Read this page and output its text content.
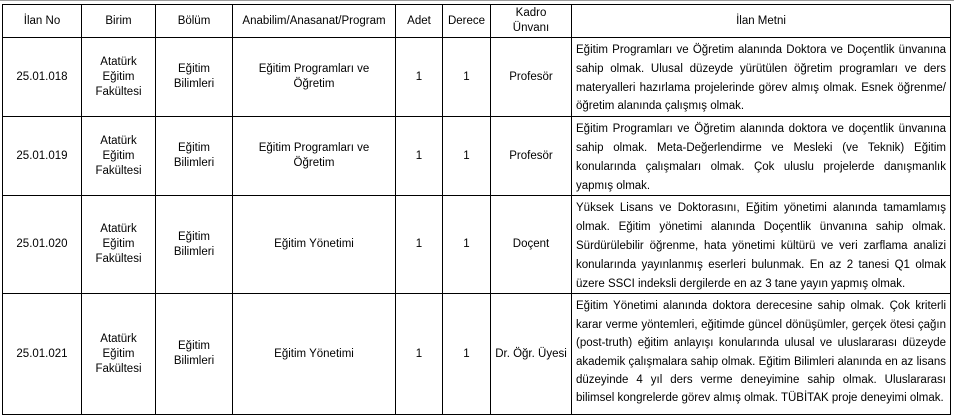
İlan No	Birim	Bölüm	Anabilim/Anasanat/Program	Adet	Derece	Kadro Ünvanı	İlan Metni
25.01.018	Atatürk Eğitim Fakültesi	Eğitim Bilimleri	Eğitim Programları ve Öğretim	1	1	Profesör	Eğitim Programları ve Öğretim alanında Doktora ve Doçentlik ünvanına sahip olmak. Ulusal düzeyde yürütülen öğretim programları ve ders materyalleri hazırlama projelerinde görev almış olmak. Esnek öğrenme/öğretim alanında çalışmış olmak.
25.01.019	Atatürk Eğitim Fakültesi	Eğitim Bilimleri	Eğitim Programları ve Öğretim	1	1	Profesör	Eğitim Programları ve Öğretim alanında doktora ve doçentlik ünvanına sahip olmak. Meta-Değerlendirme ve Mesleki (ve Teknik) Eğitim konularında çalışmaları olmak. Çok uluslu projelerde danışmanlık yapmış olmak.
25.01.020	Atatürk Eğitim Fakültesi	Eğitim Bilimleri	Eğitim Yönetimi	1	1	Doçent	Yüksek Lisans ve Doktorasını, Eğitim yönetimi alanında tamamlamış olmak. Eğitim yönetimi alanında Doçentlik ünvanına sahip olmak. Sürdürülebilir öğrenme, hata yönetimi kültürü ve veri zarflama analizi konularında yayınlanmış eserleri bulunmak. En az 2 tanesi Q1 olmak üzere SSCI indeksli dergilerde en az 3 tane yayın yapmış olmak.
25.01.021	Atatürk Eğitim Fakültesi	Eğitim Bilimleri	Eğitim Yönetimi	1	1	Dr. Öğr. Üyesi	Eğitim Yönetimi alanında doktora derecesine sahip olmak. Çok kriterli karar verme yöntemleri, eğitimde güncel dönüşümler, gerçek ötesi çağın (post-truth) eğitim anlayışı konularında ulusal ve uluslararası düzeyde akademik çalışmalara sahip olmak. Eğitim Bilimleri alanında en az lisans düzeyinde 4 yıl ders verme deneyimine sahip olmak. Uluslararası bilimsel kongrelerde görev almış olmak. TÜBİTAK proje deneyimi olmak.
